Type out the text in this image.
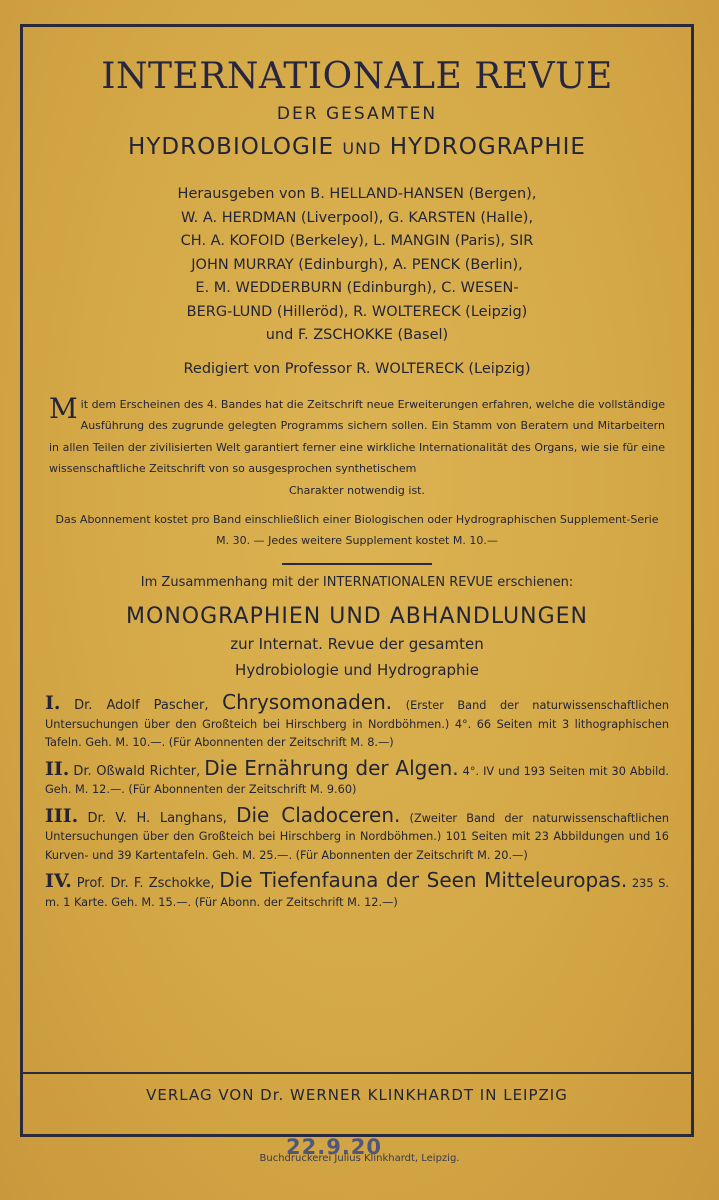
INTERNATIONALE REVUE
DER GESAMTEN
HYDROBIOLOGIE UND HYDROGRAPHIE
Herausgeben von B. HELLAND-HANSEN (Bergen),
W. A. HERDMAN (Liverpool), G. KARSTEN (Halle),
CH. A. KOFOID (Berkeley), L. MANGIN (Paris), SIR
JOHN MURRAY (Edinburgh), A. PENCK (Berlin),
E. M. WEDDERBURN (Edinburgh), C. WESEN-
BERG-LUND (Hilleröd), R. WOLTERECK (Leipzig)
und F. ZSCHOKKE (Basel)
Redigiert von Professor R. WOLTERECK (Leipzig)
Mit dem Erscheinen des 4. Bandes hat die Zeitschrift neue Erweiterungen erfahren, welche die vollständige Ausführung des zugrunde gelegten Programms sichern sollen. Ein Stamm von Beratern und Mitarbeitern in allen Teilen der zivilisierten Welt garantiert ferner eine wirkliche Internationalität des Organs, wie sie für eine wissenschaftliche Zeitschrift von so ausgesprochen synthetischem
Charakter notwendig ist.
Das Abonnement kostet pro Band einschließlich einer Biologischen oder Hydrographischen Supplement-Serie M. 30. — Jedes weitere Supplement kostet M. 10.—
Im Zusammenhang mit der INTERNATIONALEN REVUE erschienen:
MONOGRAPHIEN UND ABHANDLUNGEN
zur Internat. Revue der gesamten
Hydrobiologie und Hydrographie
I. Dr. Adolf Pascher, Chrysomonaden. (Erster Band der naturwissenschaftlichen Untersuchungen über den Großteich bei Hirschberg in Nordböhmen.) 4°. 66 Seiten mit 3 lithographischen Tafeln. Geh. M. 10.—. (Für Abonnenten der Zeitschrift M. 8.—)
II. Dr. Oßwald Richter, Die Ernährung der Algen. 4°. IV und 193 Seiten mit 30 Abbild. Geh. M. 12.—. (Für Abonnenten der Zeitschrift M. 9.60)
III. Dr. V. H. Langhans, Die Cladoceren. (Zweiter Band der naturwissenschaftlichen Untersuchungen über den Großteich bei Hirschberg in Nordböhmen.) 101 Seiten mit 23 Abbildungen und 16 Kurven- und 39 Kartentafeln. Geh. M. 25.—. (Für Abonnenten der Zeitschrift M. 20.—)
IV. Prof. Dr. F. Zschokke, Die Tiefenfauna der Seen Mitteleuropas. 235 S. m. 1 Karte. Geh. M. 15.—. (Für Abonn. der Zeitschrift M. 12.—)
VERLAG VON Dr. WERNER KLINKHARDT IN LEIPZIG
22.9.20
Buchdruckerei Julius Klinkhardt, Leipzig.
